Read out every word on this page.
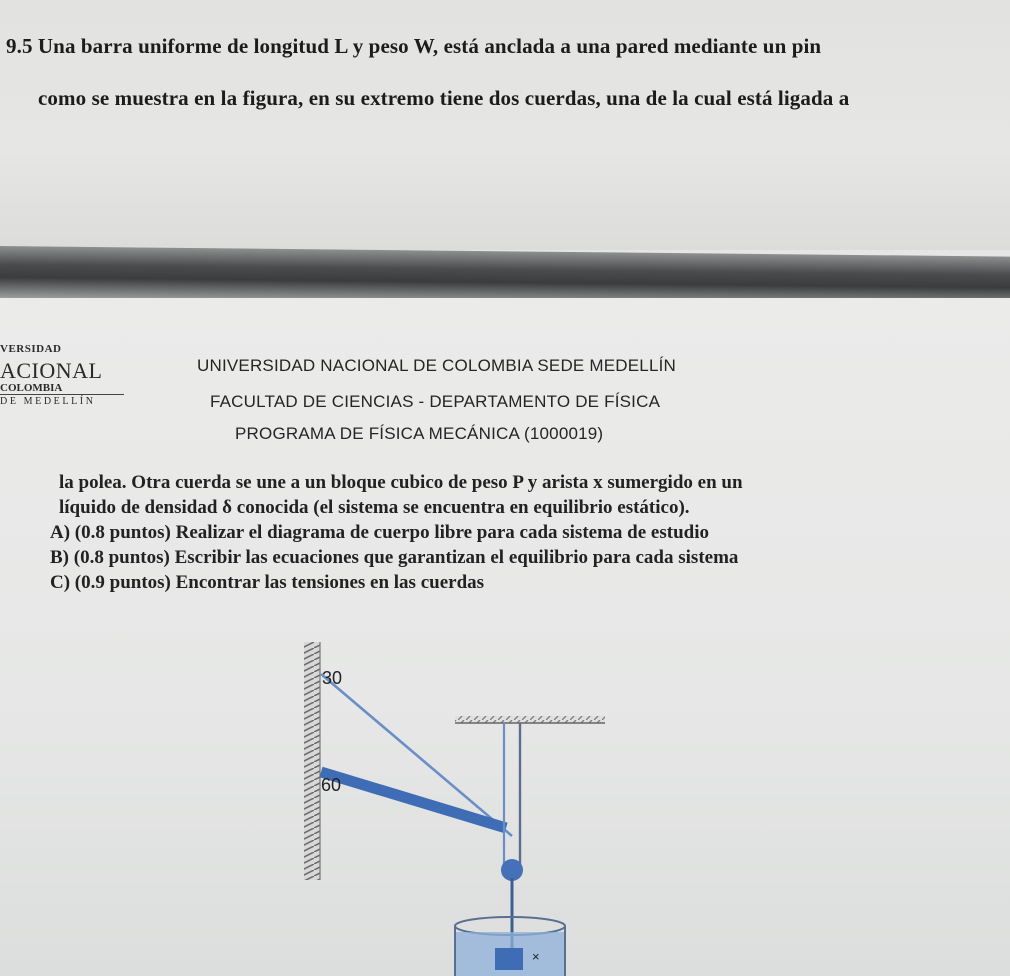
9.5 Una barra uniforme de longitud L y peso W, está anclada a una pared mediante un pin
como se muestra en la figura, en su extremo tiene dos cuerdas, una de la cual está ligada a
VERSIDAD
ACIONAL
COLOMBIA
DE MEDELLÍN
UNIVERSIDAD NACIONAL DE COLOMBIA SEDE MEDELLÍN
FACULTAD DE CIENCIAS - DEPARTAMENTO DE FÍSICA
PROGRAMA DE FÍSICA MECÁNICA (1000019)
la polea. Otra cuerda se une a un bloque cubico de peso P y arista x sumergido en un
líquido de densidad δ conocida (el sistema se encuentra en equilibrio estático).
A) (0.8 puntos) Realizar el diagrama de cuerpo libre para cada sistema de estudio
B) (0.8 puntos) Escribir las ecuaciones que garantizan el equilibrio para cada sistema
C) (0.9 puntos) Encontrar las tensiones en las cuerdas
30
60
×
